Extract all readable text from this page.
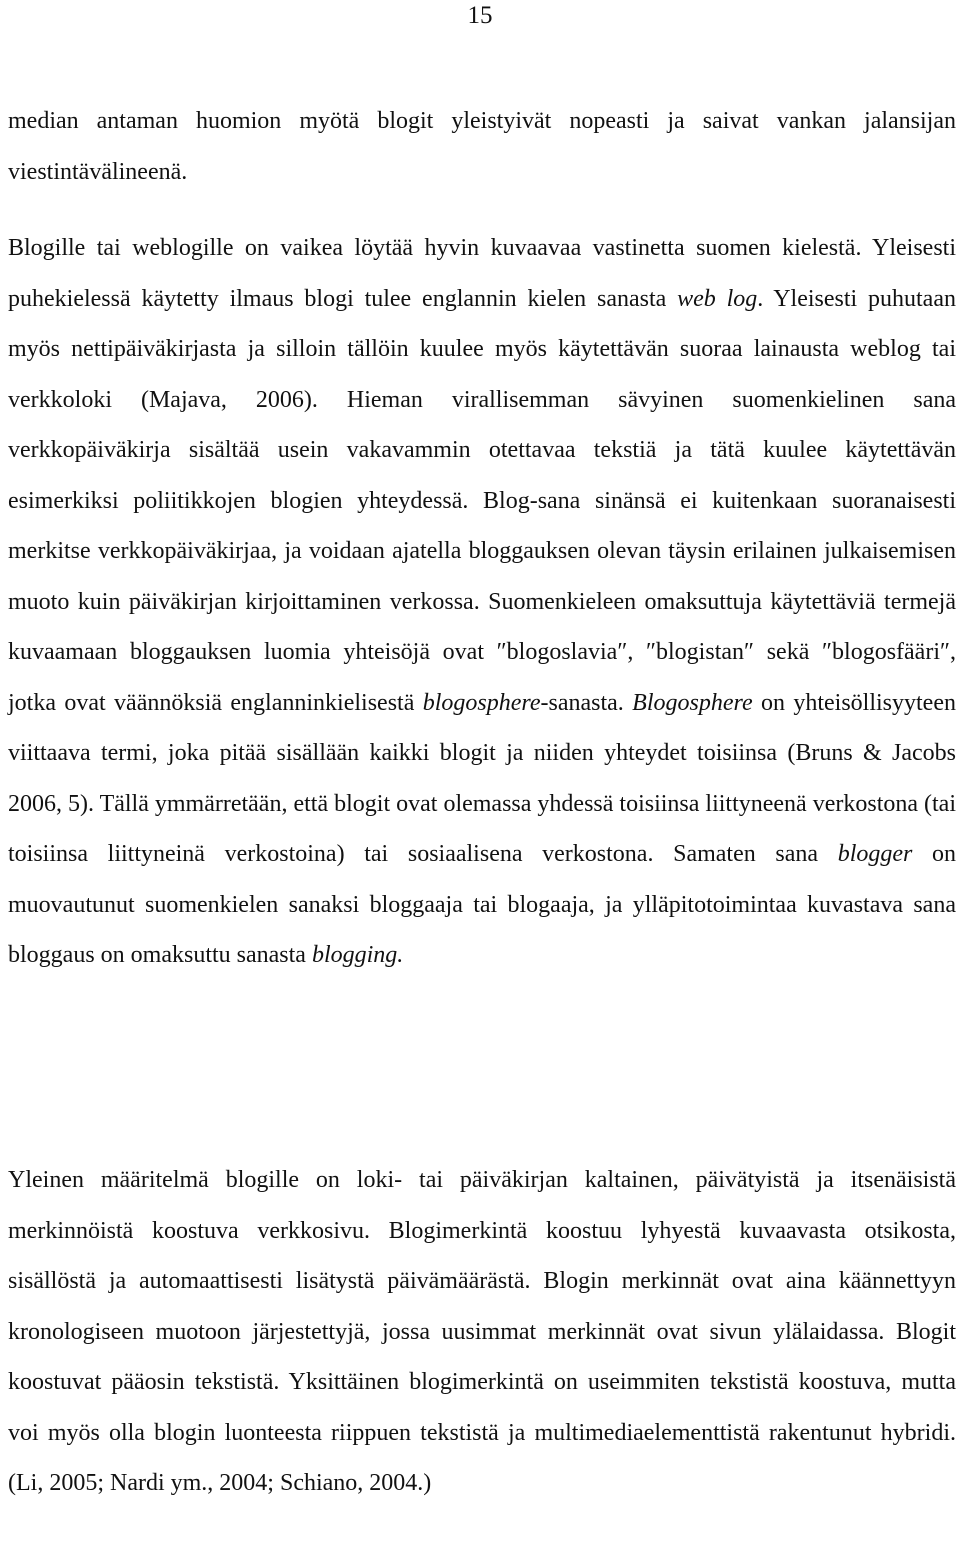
15

median antaman huomion myötä blogit yleistyivät nopeasti ja saivat vankan jalansijan viestintävälineenä.

Blogille tai weblogille on vaikea löytää hyvin kuvaavaa vastinetta suomen kielestä. Yleisesti puhekielessä käytetty ilmaus blogi tulee englannin kielen sanasta web log. Yleisesti puhutaan myös nettipäiväkirjasta ja silloin tällöin kuulee myös käytettävän suoraa lainausta weblog tai verkkoloki (Majava, 2006). Hieman virallisemman sävyinen suomenkielinen sana verkkopäiväkirja sisältää usein vakavammin otettavaa tekstiä ja tätä kuulee käytettävän esimerkiksi poliitikkojen blogien yhteydessä. Blog-sana sinänsä ei kuitenkaan suoranaisesti merkitse verkkopäiväkirjaa, ja voidaan ajatella bloggauksen olevan täysin erilainen julkaisemisen muoto kuin päiväkirjan kirjoittaminen verkossa. Suomenkieleen omaksuttuja käytettäviä termejä kuvaamaan bloggauksen luomia yhteisöjä ovat ″blogoslavia″, ″blogistan″ sekä ″blogosfääri″, jotka ovat väännöksiä englanninkielisestä blogosphere-sanasta. Blogosphere on yhteisöllisyyteen viittaava termi, joka pitää sisällään kaikki blogit ja niiden yhteydet toisiinsa (Bruns & Jacobs 2006, 5). Tällä ymmärretään, että blogit ovat olemassa yhdessä toisiinsa liittyneenä verkostona (tai toisiinsa liittyneinä verkostoina) tai sosiaalisena verkostona. Samaten sana blogger on muovautunut suomenkielen sanaksi bloggaaja tai blogaaja, ja ylläpitotoimintaa kuvastava sana bloggaus on omaksuttu sanasta blogging.

Yleinen määritelmä blogille on loki- tai päiväkirjan kaltainen, päivätyistä ja itsenäisistä merkinnöistä koostuva verkkosivu. Blogimerkintä koostuu lyhyestä kuvaavasta otsikosta, sisällöstä ja automaattisesti lisätystä päivämäärästä. Blogin merkinnät ovat aina käännettyyn kronologiseen muotoon järjestettyjä, jossa uusimmat merkinnät ovat sivun ylälaidassa. Blogit koostuvat pääosin tekstistä. Yksittäinen blogimerkintä on useimmiten tekstistä koostuva, mutta voi myös olla blogin luonteesta riippuen tekstistä ja multimediaelementtistä rakentunut hybridi. (Li, 2005; Nardi ym., 2004; Schiano, 2004.)
